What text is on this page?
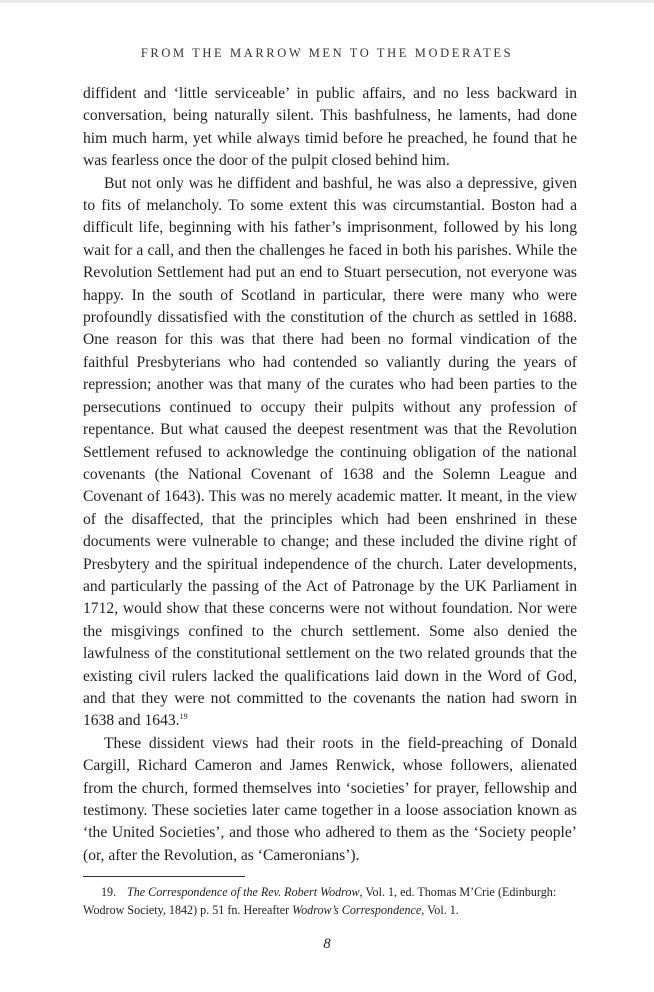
FROM THE MARROW MEN TO THE MODERATES

diffident and ‘little serviceable’ in public affairs, and no less backward in conversation, being naturally silent. This bashfulness, he laments, had done him much harm, yet while always timid before he preached, he found that he was fearless once the door of the pulpit closed behind him.

But not only was he diffident and bashful, he was also a depressive, given to fits of melancholy. To some extent this was circumstantial. Boston had a difficult life, beginning with his father’s imprisonment, followed by his long wait for a call, and then the challenges he faced in both his parishes. While the Revolution Settlement had put an end to Stuart persecution, not everyone was happy. In the south of Scotland in particular, there were many who were profoundly dissatisfied with the constitution of the church as settled in 1688. One reason for this was that there had been no formal vindication of the faithful Presbyterians who had contended so valiantly during the years of repression; another was that many of the curates who had been parties to the persecutions continued to occupy their pulpits without any profession of repentance. But what caused the deepest resentment was that the Revolution Settlement refused to acknowledge the continuing obligation of the national covenants (the National Covenant of 1638 and the Solemn League and Covenant of 1643). This was no merely academic matter. It meant, in the view of the disaffected, that the principles which had been enshrined in these documents were vulnerable to change; and these included the divine right of Presbytery and the spiritual independence of the church. Later developments, and particularly the passing of the Act of Patronage by the UK Parliament in 1712, would show that these concerns were not without foundation. Nor were the misgivings confined to the church settlement. Some also denied the lawfulness of the constitutional settlement on the two related grounds that the existing civil rulers lacked the qualifications laid down in the Word of God, and that they were not committed to the covenants the nation had sworn in 1638 and 1643.19

These dissident views had their roots in the field-preaching of Donald Cargill, Richard Cameron and James Renwick, whose followers, alienated from the church, formed themselves into ‘societies’ for prayer, fellowship and testimony. These societies later came together in a loose association known as ‘the United Societies’, and those who adhered to them as the ‘Society people’ (or, after the Revolution, as ‘Cameronians’).

19. The Correspondence of the Rev. Robert Wodrow, Vol. 1, ed. Thomas M’Crie (Edinburgh: Wodrow Society, 1842) p. 51 fn. Hereafter Wodrow’s Correspondence, Vol. 1.
8
